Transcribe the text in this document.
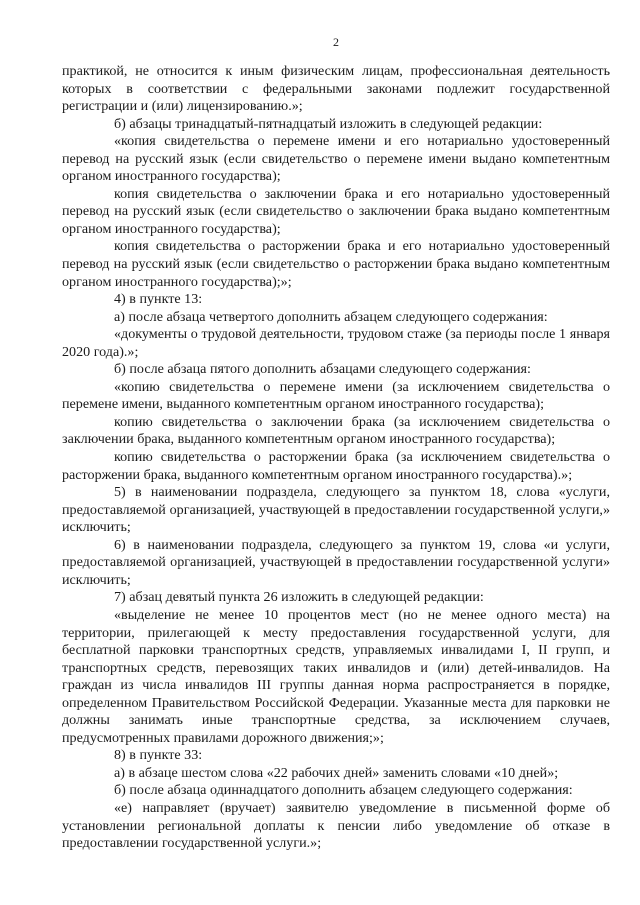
2

практикой, не относится к иным физическим лицам, профессиональная деятельность которых в соответствии с федеральными законами подлежит государственной регистрации и (или) лицензированию.»;

б) абзацы тринадцатый-пятнадцатый изложить в следующей редакции:

«копия свидетельства о перемене имени и его нотариально удостоверенный перевод на русский язык (если свидетельство о перемене имени выдано компетентным органом иностранного государства);

копия свидетельства о заключении брака и его нотариально удостоверенный перевод на русский язык (если свидетельство о заключении брака выдано компетентным органом иностранного государства);

копия свидетельства о расторжении брака и его нотариально удостоверенный перевод на русский язык (если свидетельство о расторжении брака выдано компетентным органом иностранного государства);»;

4) в пункте 13:

а) после абзаца четвертого дополнить абзацем следующего содержания:

«документы о трудовой деятельности, трудовом стаже (за периоды после 1 января 2020 года).»;

б) после абзаца пятого дополнить абзацами следующего содержания:

«копию свидетельства о перемене имени (за исключением свидетельства о перемене имени, выданного компетентным органом иностранного государства);

копию свидетельства о заключении брака (за исключением свидетельства о заключении брака, выданного компетентным органом иностранного государства);

копию свидетельства о расторжении брака (за исключением свидетельства о расторжении брака, выданного компетентным органом иностранного государства).»;

5) в наименовании подраздела, следующего за пунктом 18, слова «услуги, предоставляемой организацией, участвующей в предоставлении государственной услуги,» исключить;

6) в наименовании подраздела, следующего за пунктом 19, слова «и услуги, предоставляемой организацией, участвующей в предоставлении государственной услуги» исключить;

7) абзац девятый пункта 26 изложить в следующей редакции:

«выделение не менее 10 процентов мест (но не менее одного места) на территории, прилегающей к месту предоставления государственной услуги, для бесплатной парковки транспортных средств, управляемых инвалидами I, II групп, и транспортных средств, перевозящих таких инвалидов и (или) детей-инвалидов. На граждан из числа инвалидов III группы данная норма распространяется в порядке, определенном Правительством Российской Федерации. Указанные места для парковки не должны занимать иные транспортные средства, за исключением случаев, предусмотренных правилами дорожного движения;»;

8) в пункте 33:

а) в абзаце шестом слова «22 рабочих дней» заменить словами «10 дней»;

б) после абзаца одиннадцатого дополнить абзацем следующего содержания:

«е) направляет (вручает) заявителю уведомление в письменной форме об установлении региональной доплаты к пенсии либо уведомление об отказе в предоставлении государственной услуги.»;
